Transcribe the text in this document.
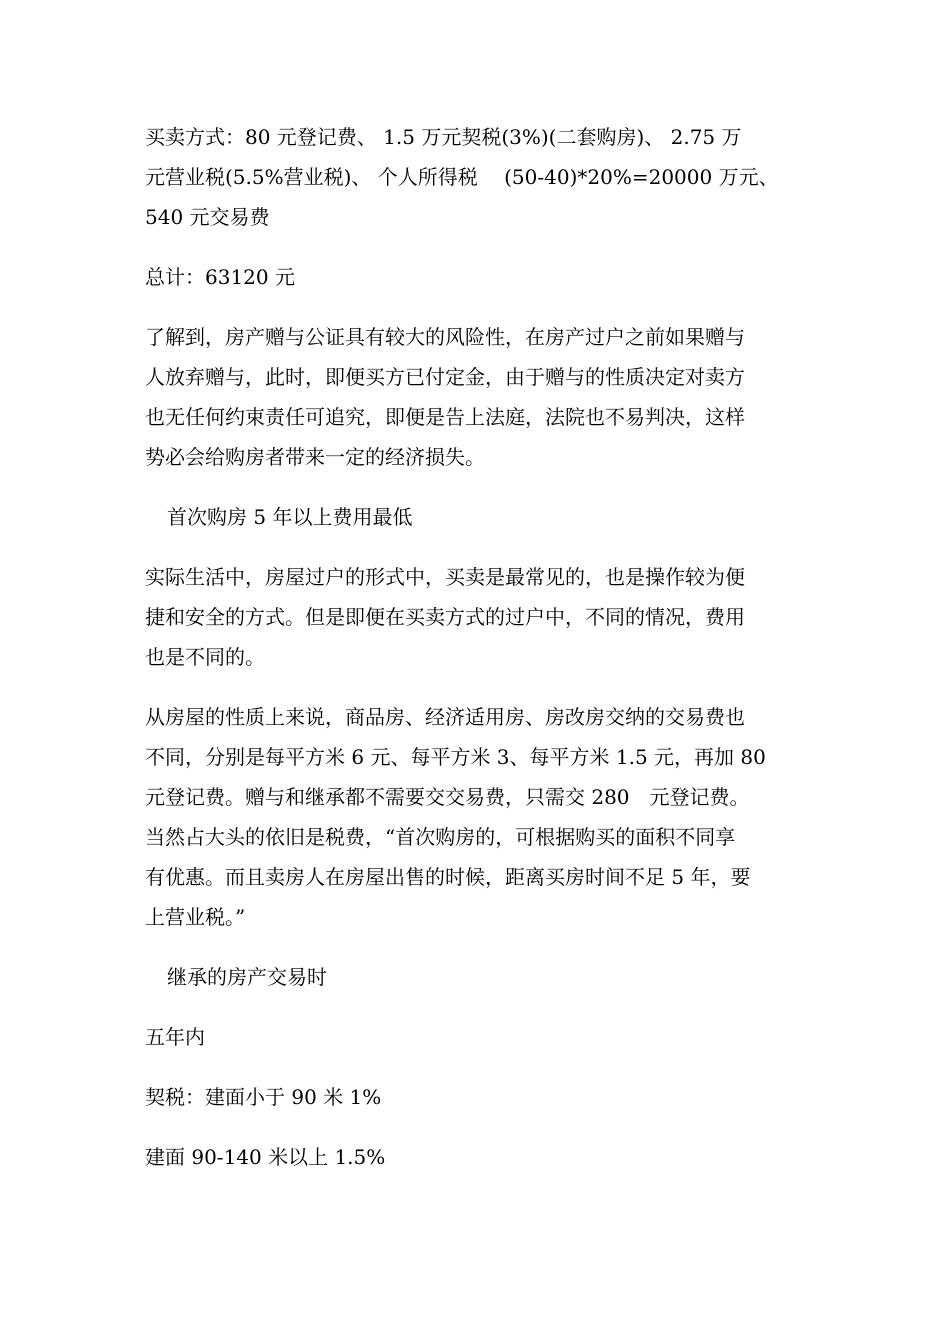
买卖方式：80 元登记费、 1.5 万元契税(3%)(二套购房)、 2.75 万
元营业税(5.5%营业税)、 个人所得税　 (50-40)*20%=20000 万元、
540 元交易费
总计：63120 元
了解到，房产赠与公证具有较大的风险性，在房产过户之前如果赠与
人放弃赠与，此时，即便买方已付定金，由于赠与的性质决定对卖方
也无任何约束责任可追究，即便是告上法庭，法院也不易判决，这样
势必会给购房者带来一定的经济损失。
首次购房 5 年以上费用最低
实际生活中，房屋过户的形式中，买卖是最常见的，也是操作较为便
捷和安全的方式。但是即便在买卖方式的过户中，不同的情况，费用
也是不同的。
从房屋的性质上来说，商品房、经济适用房、房改房交纳的交易费也
不同，分别是每平方米 6 元、每平方米 3、每平方米 1.5 元，再加 80
元登记费。赠与和继承都不需要交交易费，只需交 280　元登记费。
当然占大头的依旧是税费，“首次购房的，可根据购买的面积不同享
有优惠。而且卖房人在房屋出售的时候，距离买房时间不足 5 年，要
上营业税。”
继承的房产交易时
五年内
契税：建面小于 90 米 1%
建面 90-140 米以上 1.5%
